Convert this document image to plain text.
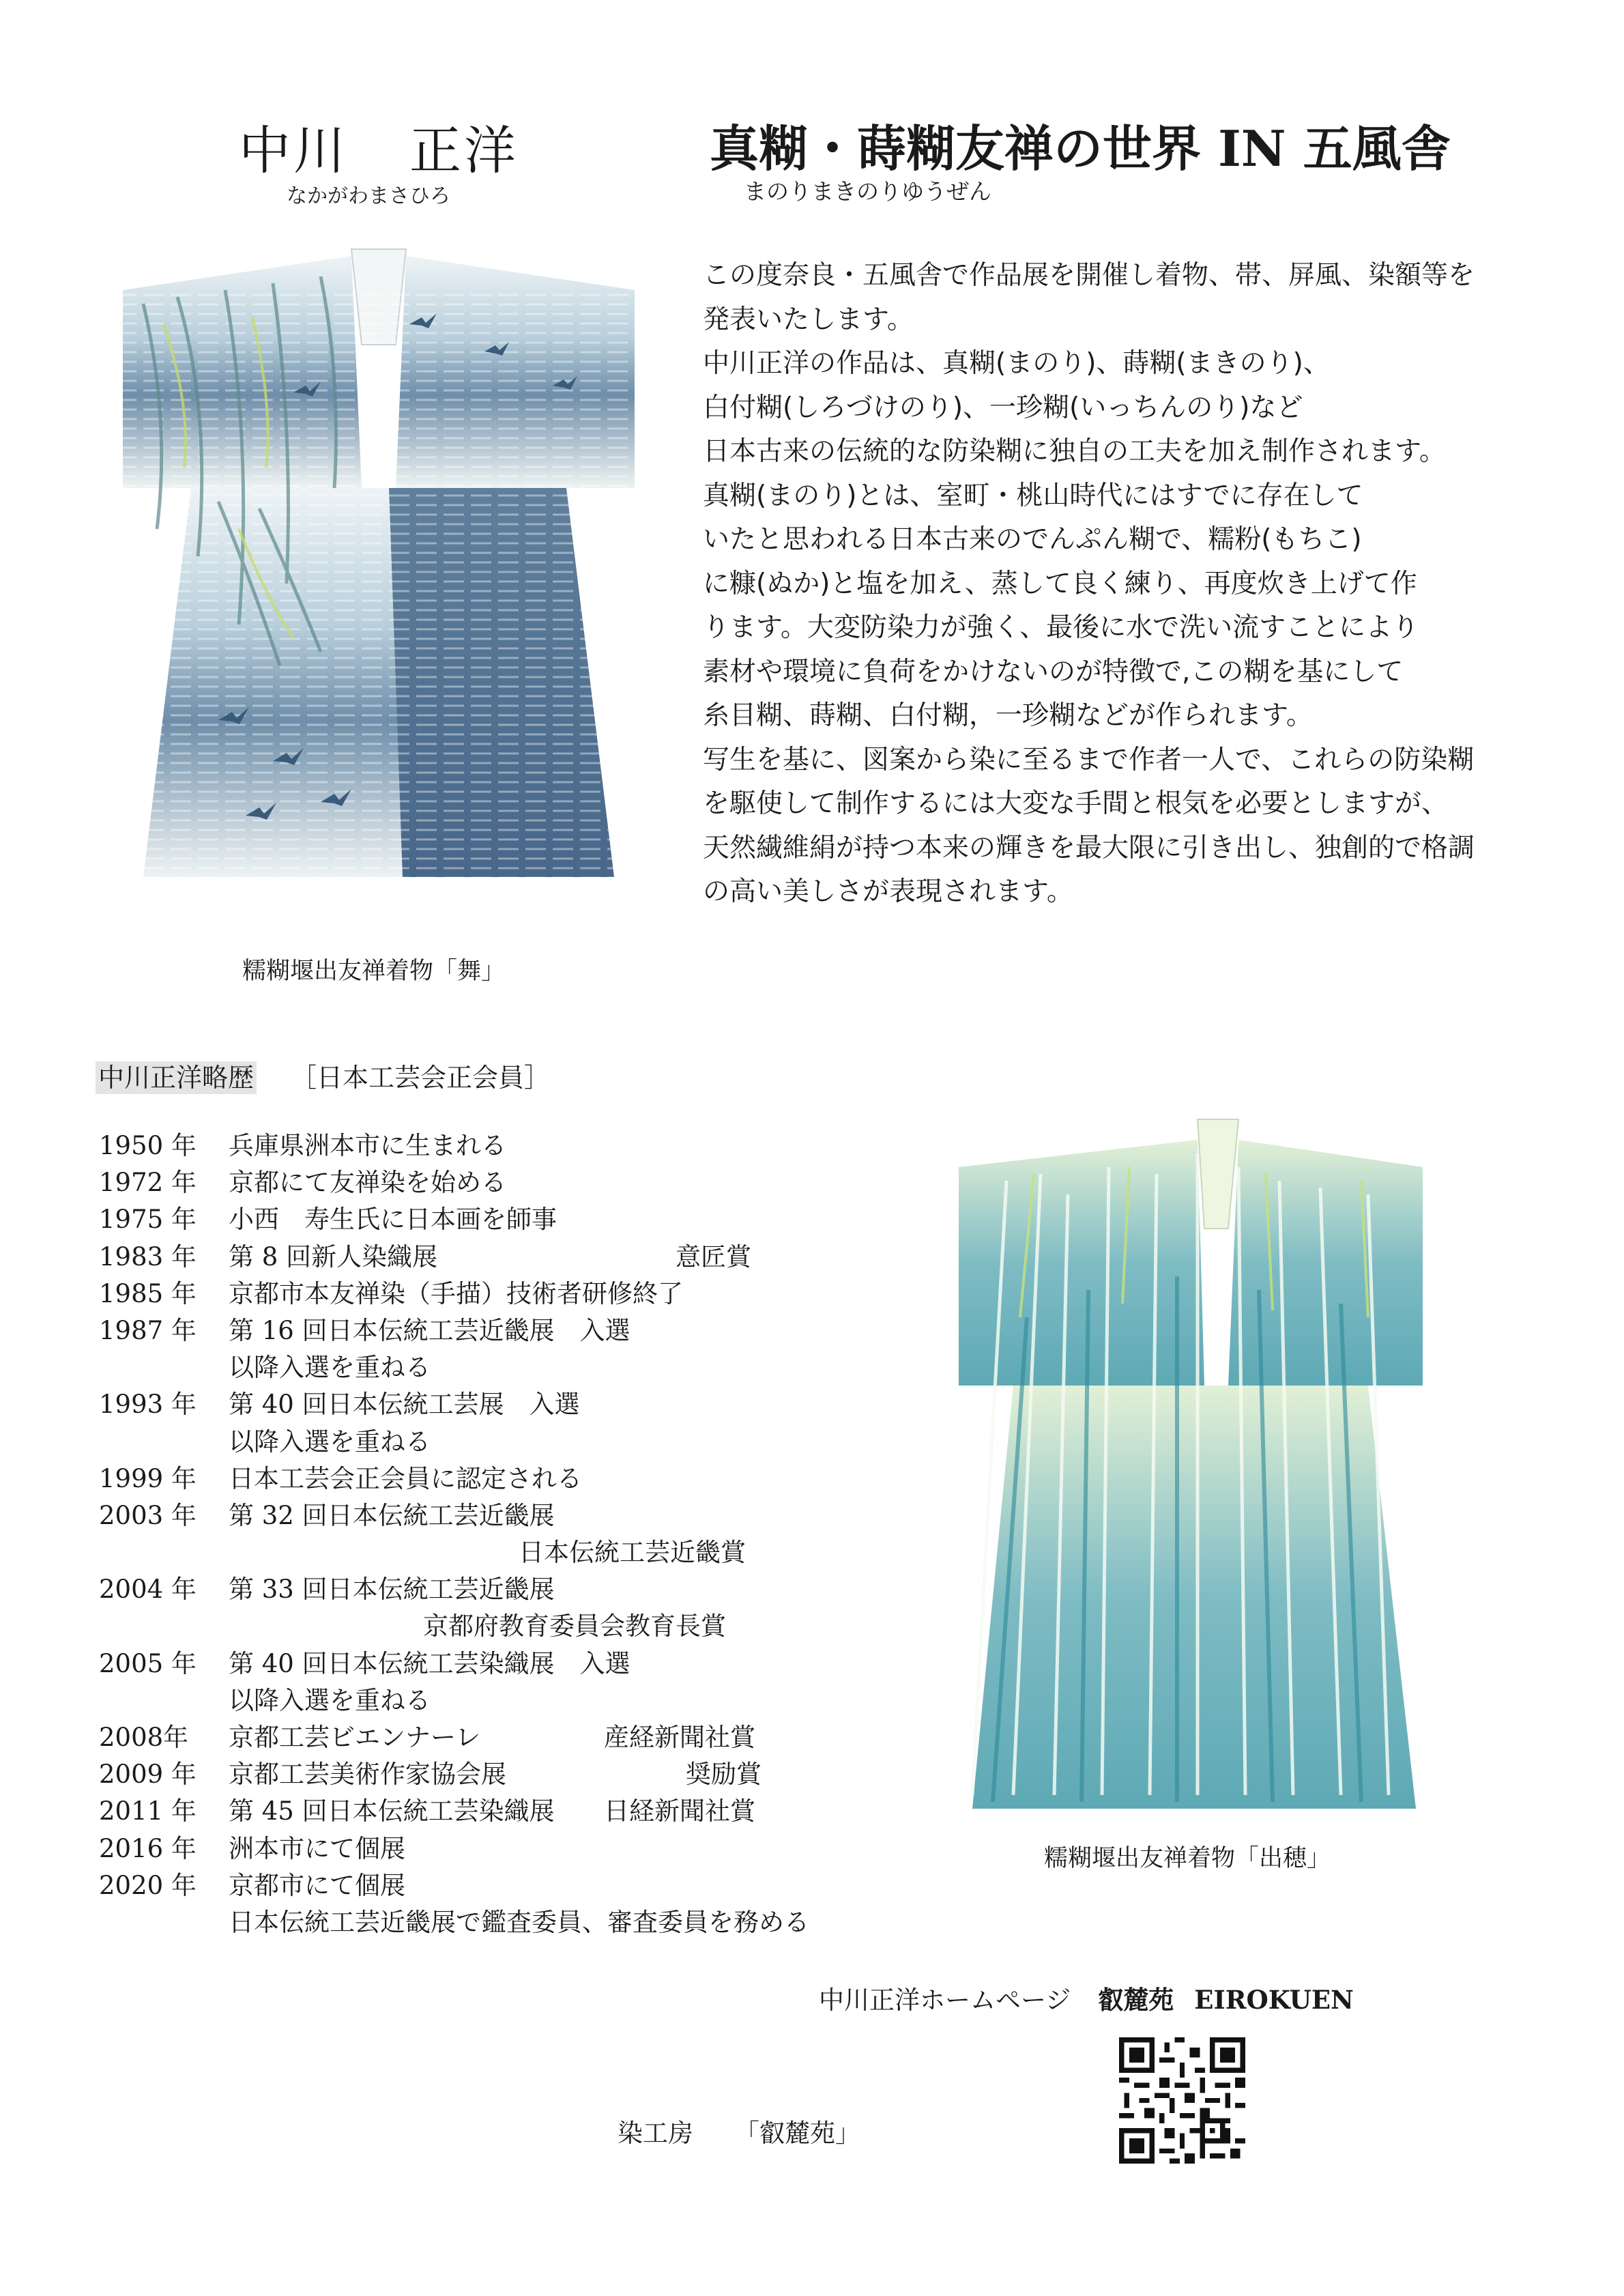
中川 正洋
なかがわまさひろ
真糊・蒔糊友禅の世界 IN 五風舎
まのりまきのりゆうぜん
糯糊堰出友禅着物「舞」
この度奈良・五風舎で作品展を開催し着物、帯、屏風、染額等を
発表いたします。
中川正洋の作品は、真糊(まのり)、蒔糊(まきのり)、
白付糊(しろづけのり)、一珍糊(いっちんのり)など
日本古来の伝統的な防染糊に独自の工夫を加え制作されます。
真糊(まのり)とは、室町・桃山時代にはすでに存在して
いたと思われる日本古来のでんぷん糊で、糯粉(もちこ)
に糠(ぬか)と塩を加え、蒸して良く練り、再度炊き上げて作
ります。大変防染力が強く、最後に水で洗い流すことにより
素材や環境に負荷をかけないのが特徴で,この糊を基にして
糸目糊、蒔糊、白付糊，一珍糊などが作られます。
写生を基に、図案から染に至るまで作者一人で、これらの防染糊
を駆使して制作するには大変な手間と根気を必要としますが、
天然繊維絹が持つ本来の輝きを最大限に引き出し、独創的で格調
の高い美しさが表現されます。
中川正洋略歴 ［日本工芸会正会員］
1950 年 兵庫県洲本市に生まれる
1972 年 京都にて友禅染を始める
1975 年 小西　寿生氏に日本画を師事
1983 年 第 8 回新人染織展	意匠賞
1985 年 京都市本友禅染（手描）技術者研修終了
1987 年 第 16 回日本伝統工芸近畿展　入選
以降入選を重ねる
1993 年 第 40 回日本伝統工芸展　入選
以降入選を重ねる
1999 年 日本工芸会正会員に認定される
2003 年 第 32 回日本伝統工芸近畿展
日本伝統工芸近畿賞
2004 年 第 33 回日本伝統工芸近畿展
京都府教育委員会教育長賞
2005 年 第 40 回日本伝統工芸染織展　入選
以降入選を重ねる
2008年 京都工芸ビエンナーレ	産経新聞社賞
2009 年 京都工芸美術作家協会展	奨励賞
2011 年 第 45 回日本伝統工芸染織展 日経新聞社賞
2016 年 洲本市にて個展
2020 年 京都市にて個展
日本伝統工芸近畿展で鑑査委員、審査委員を務める
糯糊堰出友禅着物「出穂」
中川正洋ホームページ 叡麓苑 EIROKUEN
染工房 「叡麓苑」
